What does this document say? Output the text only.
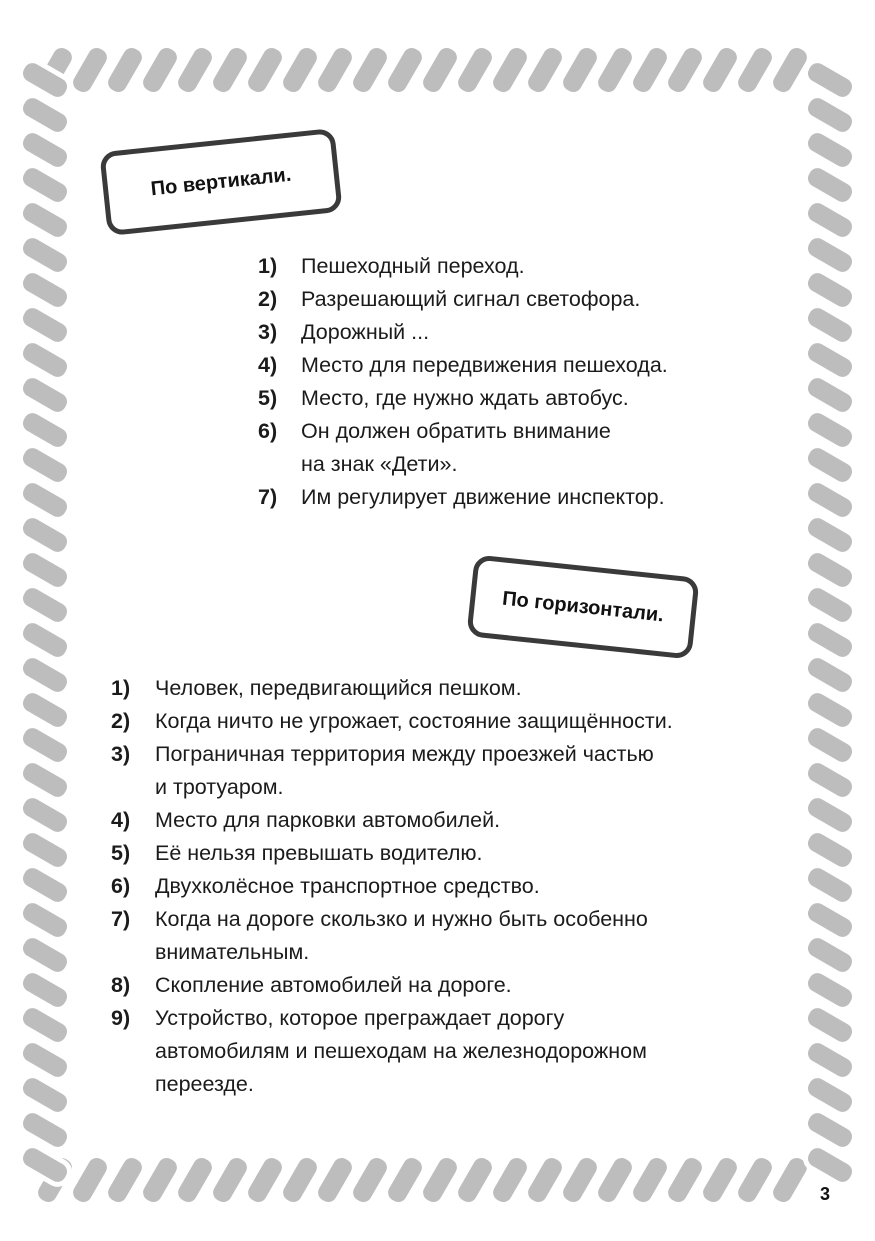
По вертикали.
1)	Пешеходный переход.
2)	Разрешающий сигнал светофора.
3)	Дорожный ...
4)	Место для передвижения пешехода.
5)	Место, где нужно ждать автобус.
6)	Он должен обратить внимание
на знак «Дети».
7)	Им регулирует движение инспектор.
По горизонтали.
1)	Человек, передвигающийся пешком.
2)	Когда ничто не угрожает, состояние защищённости.
3)	Пограничная территория между проезжей частью
и тротуаром.
4)	Место для парковки автомобилей.
5)	Её нельзя превышать водителю.
6)	Двухколёсное транспортное средство.
7)	Когда на дороге скользко и нужно быть особенно
внимательным.
8)	Скопление автомобилей на дороге.
9)	Устройство, которое преграждает дорогу
автомобилям и пешеходам на железнодорожном
переезде.
3
